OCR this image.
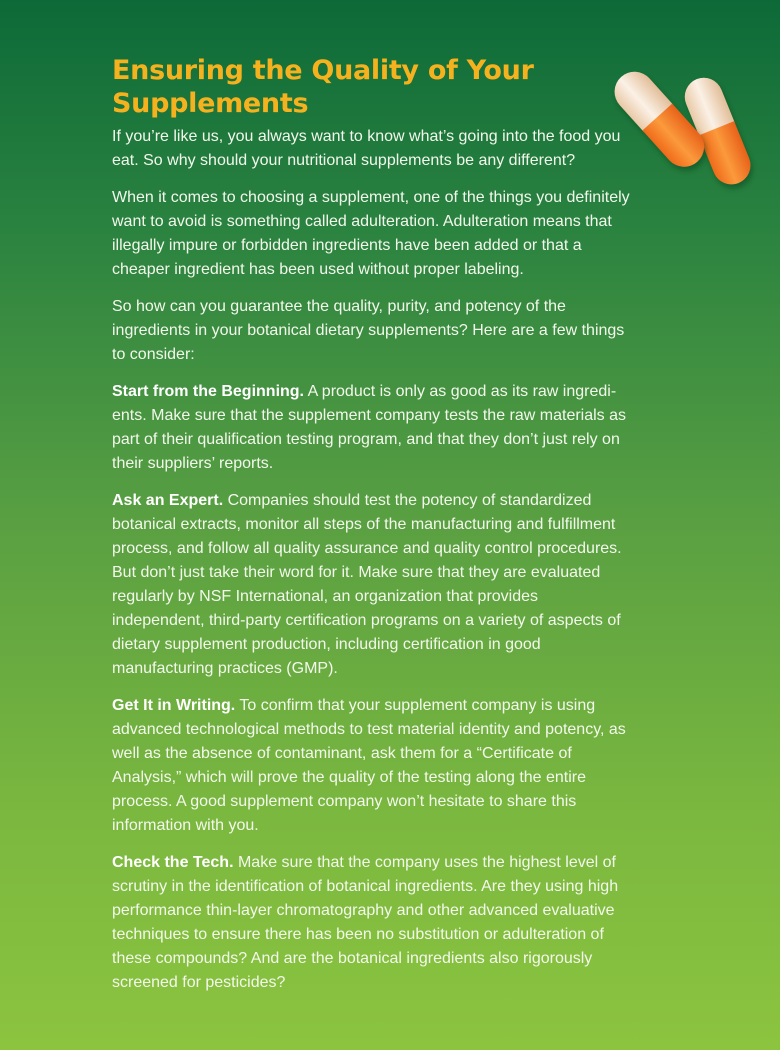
Ensuring the Quality of Your Supplements

If you’re like us, you always want to know what’s going into the food you eat. So why should your nutritional supplements be any different?

When it comes to choosing a supplement, one of the things you definitely want to avoid is something called adulteration. Adulteration means that illegally impure or forbidden ingredients have been added or that a cheaper ingredient has been used without proper labeling.

So how can you guarantee the quality, purity, and potency of the ingredients in your botanical dietary supplements? Here are a few things to consider:

Start from the Beginning. A product is only as good as its raw ingredi-ents. Make sure that the supplement company tests the raw materials as part of their qualification testing program, and that they don’t just rely on their suppliers’ reports.

Ask an Expert. Companies should test the potency of standardized botanical extracts, monitor all steps of the manufacturing and fulfillment process, and follow all quality assurance and quality control procedures. But don’t just take their word for it. Make sure that they are evaluated regularly by NSF International, an organization that provides independent, third-party certification programs on a variety of aspects of dietary supplement production, including certification in good manufacturing practices (GMP).

Get It in Writing. To confirm that your supplement company is using advanced technological methods to test material identity and potency, as well as the absence of contaminant, ask them for a “Certificate of Analysis,” which will prove the quality of the testing along the entire process. A good supplement company won’t hesitate to share this information with you.

Check the Tech. Make sure that the company uses the highest level of scrutiny in the identification of botanical ingredients. Are they using high performance thin-layer chromatography and other advanced evaluative techniques to ensure there has been no substitution or adulteration of these compounds? And are the botanical ingredients also rigorously screened for pesticides?
